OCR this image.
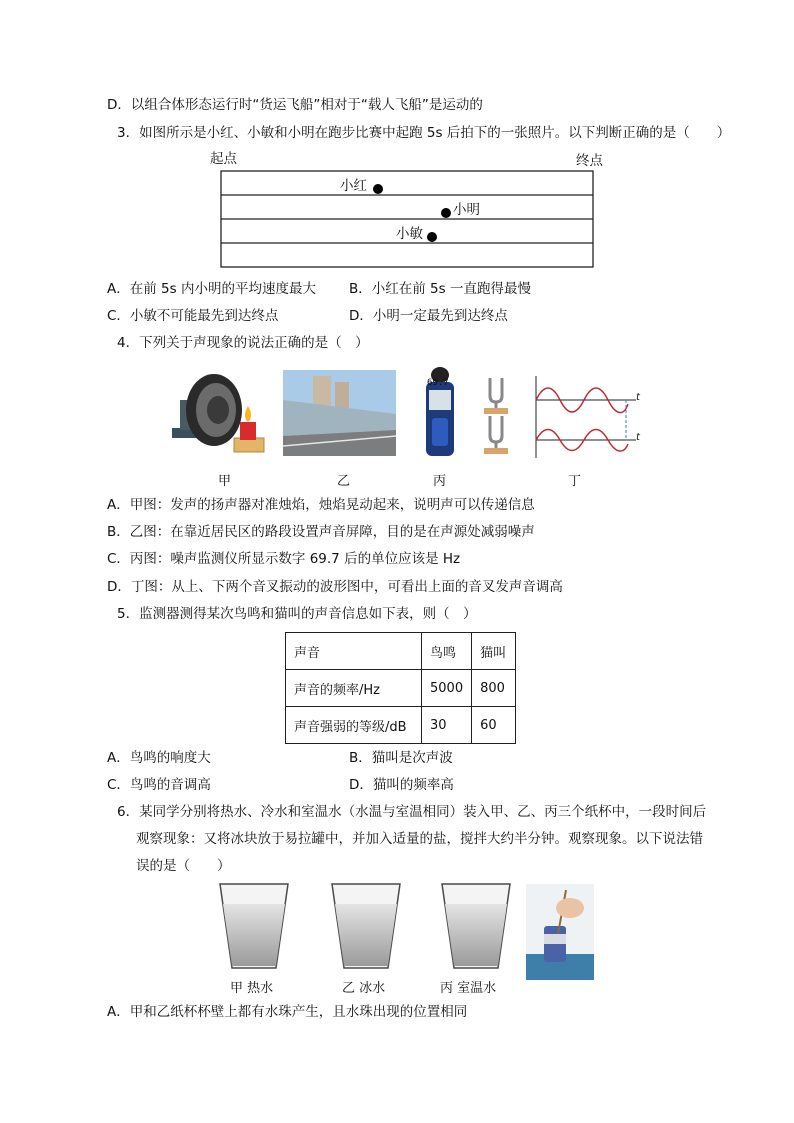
D．以组合体形态运行时“货运飞船”相对于“载人飞船”是运动的
3．如图所示是小红、小敏和小明在跑步比赛中起跑 5s 后拍下的一张照片。以下判断正确的是（　　）
起点	终点
小红
小明
小敏
A．在前 5s 内小明的平均速度最大 B．小红在前 5s 一直跑得最慢
C．小敏不可能最先到达终点	D．小明一定最先到达终点
4．下列关于声现象的说法正确的是（　）
69.7
t
t
甲	乙	丙	丁
A．甲图：发声的扬声器对准烛焰，烛焰晃动起来，说明声可以传递信息
B．乙图：在靠近居民区的路段设置声音屏障，目的是在声源处减弱噪声
C．丙图：噪声监测仪所显示数字 69.7 后的单位应该是 Hz
D．丁图：从上、下两个音叉振动的波形图中，可看出上面的音叉发声音调高
5．监测器测得某次鸟鸣和猫叫的声音信息如下表，则（　）
声音	鸟鸣	猫叫
声音的频率/Hz	5000	800
声音强弱的等级/dB	30	60
A．鸟鸣的响度大	B．猫叫是次声波
C．鸟鸣的音调高	D．猫叫的频率高
6．某同学分别将热水、冷水和室温水（水温与室温相同）装入甲、乙、丙三个纸杯中，一段时间后
观察现象：又将冰块放于易拉罐中，并加入适量的盐，搅拌大约半分钟。观察现象。以下说法错
误的是（　　）
甲 热水	乙 冰水	丙 室温水
A．甲和乙纸杯杯壁上都有水珠产生，且水珠出现的位置相同
